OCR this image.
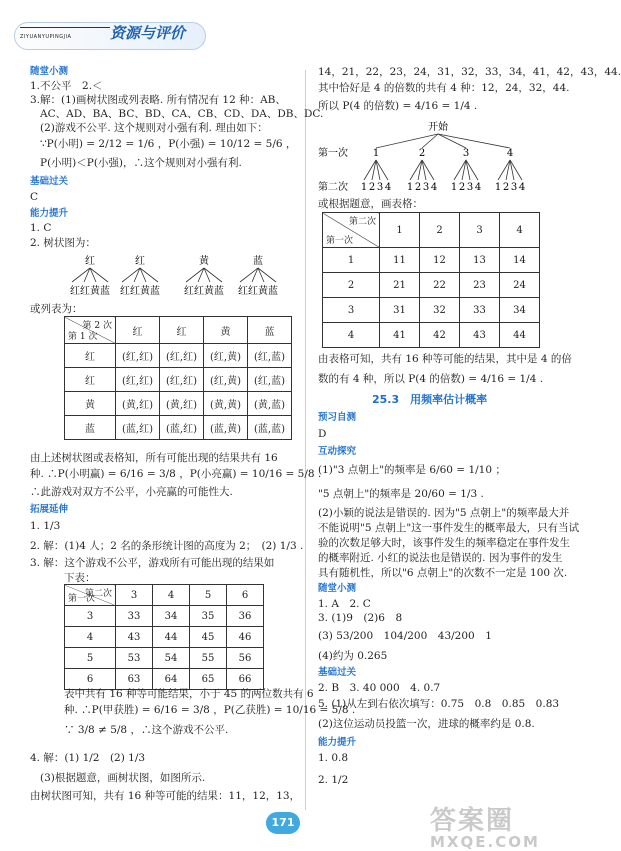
ZIYUANYUPINGJIA	资源与评价
随堂小测
1.不公平　2.＜
3.解：(1)画树状图或列表略. 所有情况有 12 种：AB、
AC、AD、BA、BC、BD、CA、CB、CD、DA、DB、DC.
(2)游戏不公平. 这个规则对小强有利. 理由如下：
∵P(小明) = 2/12 = 1/6 ，P(小强) = 10/12 = 5/6 ，
P(小明)＜P(小强)，∴这个规则对小强有利.
基础过关
C
能力提升
1. C
2. 树状图为：
红
红红黄蓝
红
红红黄蓝
黄
红红黄蓝
蓝
红红黄蓝
或列表为：
第 2 次
第 1 次	红	红	黄	蓝
红	(红,红)	(红,红)	(红,黄)	(红,蓝)
红	(红,红)	(红,红)	(红,黄)	(红,蓝)
黄	(黄,红)	(黄,红)	(黄,黄)	(黄,蓝)
蓝	(蓝,红)	(蓝,红)	(蓝,黄)	(蓝,蓝)
由上述树状图或表格知，所有可能出现的结果共有 16
种. ∴P(小明赢) = 6/16 = 3/8 ，P(小亮赢) = 10/16 = 5/8 .
∴此游戏对双方不公平，小亮赢的可能性大.
拓展延伸
1. 1/3
2. 解：(1)4 人；2 名的条形统计图的高度为 2；　(2) 1/3 .
3. 解：这个游戏不公平，游戏所有可能出现的结果如
下表：
第二次
第一次	3	4	5	6
3	33	34	35	36
4	43	44	45	46
5	53	54	55	56
6	63	64	65	66
表中共有 16 种等可能结果，小于 45 的两位数共有 6
种. ∴P(甲获胜) = 6/16 = 3/8 ，P(乙获胜) = 10/16 = 5/8 .
∵ 3/8 ≠ 5/8 ，∴这个游戏不公平.
4. 解：(1) 1/2　(2) 1/3
(3)根据题意，画树状图，如图所示.
由树状图可知，共有 16 种等可能的结果：11，12，13，
14，21，22，23，24，31，32，33，34，41，42，43，44.
其中恰好是 4 的倍数的共有 4 种：12，24，32，44.
所以 P(4 的倍数) = 4/16 = 1/4 .
开始
第一次
第二次
1
1 2 3 4
2
1 2 3 4
3
1 2 3 4
4
1 2 3 4
或根据题意，画表格：
第二次
第一次	1	2	3	4
1	11	12	13	14
2	21	22	23	24
3	31	32	33	34
4	41	42	43	44
由表格可知，共有 16 种等可能的结果，其中是 4 的倍
数的有 4 种，所以 P(4 的倍数) = 4/16 = 1/4 .
25.3　用频率估计概率
预习自测
D
互动探究
(1)"3 点朝上"的频率是 6/60 = 1/10 ；
"5 点朝上"的频率是 20/60 = 1/3 .
(2)小颖的说法是错误的. 因为"5 点朝上"的频率最大并
不能说明"5 点朝上"这一事件发生的概率最大，只有当试
验的次数足够大时，该事件发生的频率稳定在事件发生
的概率附近. 小红的说法也是错误的. 因为事件的发生
具有随机性，所以"6 点朝上"的次数不一定是 100 次.
随堂小测
1. A　2. C
3. (1)9　(2)6　8
(3) 53/200　104/200　43/200　1
(4)约为 0.265
基础过关
2. B　3. 40 000　4. 0.7
5. (1)从左到右依次填写：0.75　0.8　0.85　0.83
(2)这位运动员投篮一次，进球的概率约是 0.8.
能力提升
1. 0.8
2. 1/2
171	答案圈
MXQE.COM
